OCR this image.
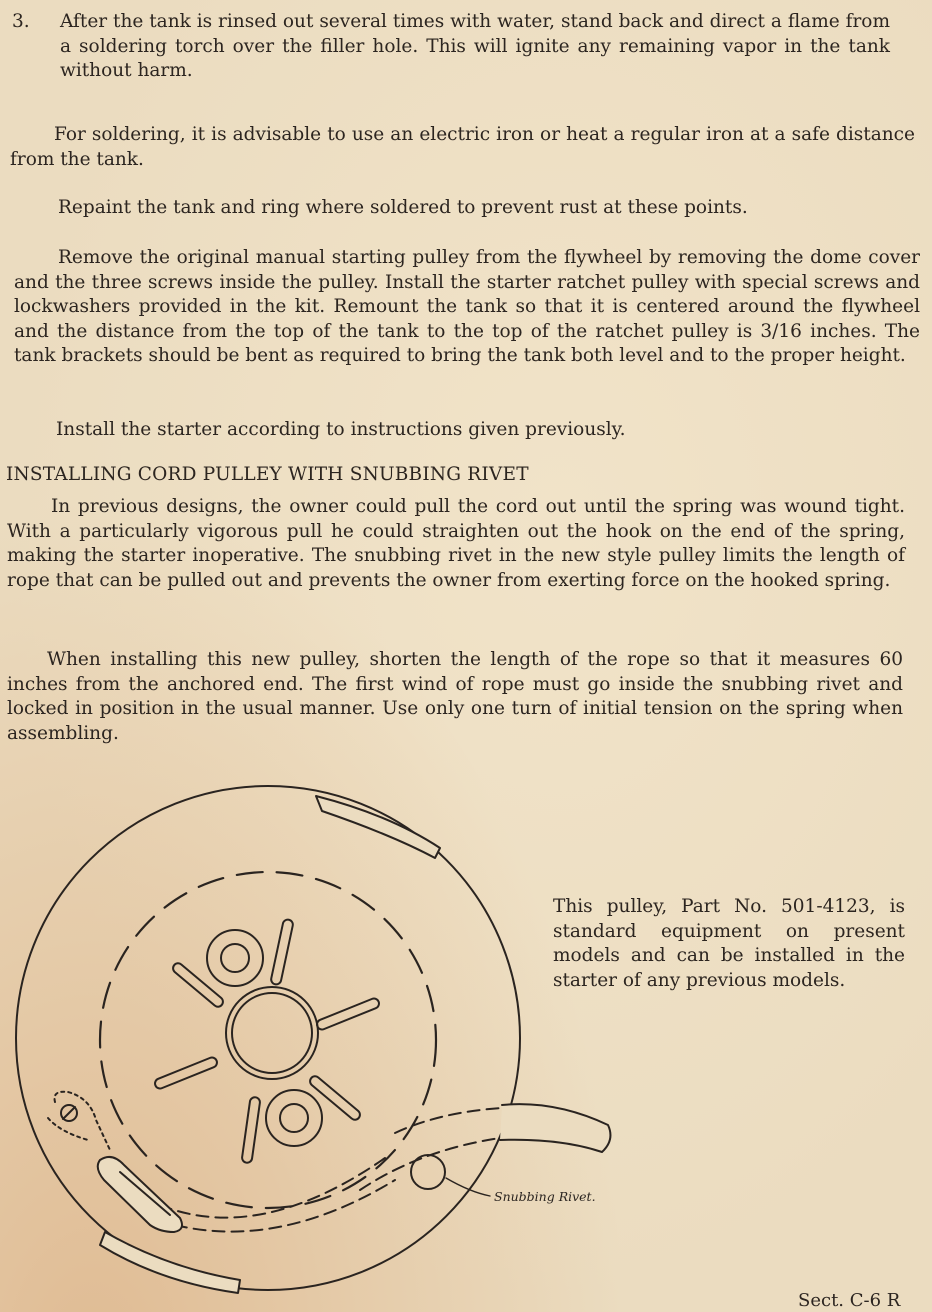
3. After the tank is rinsed out several times with water, stand back and direct a flame from a soldering torch over the filler hole. This will ignite any remaining vapor in the tank without harm.

For soldering, it is advisable to use an electric iron or heat a regular iron at a safe distance from the tank.

Repaint the tank and ring where soldered to prevent rust at these points.

Remove the original manual starting pulley from the flywheel by removing the dome cover and the three screws inside the pulley. Install the starter ratchet pulley with special screws and lockwashers provided in the kit. Remount the tank so that it is centered around the flywheel and the distance from the top of the tank to the top of the ratchet pulley is 3/16 inches. The tank brackets should be bent as required to bring the tank both level and to the proper height.

Install the starter according to instructions given previously.

INSTALLING CORD PULLEY WITH SNUBBING RIVET

In previous designs, the owner could pull the cord out until the spring was wound tight. With a particularly vigorous pull he could straighten out the hook on the end of the spring, making the starter inoperative. The snubbing rivet in the new style pulley limits the length of rope that can be pulled out and prevents the owner from exerting force on the hooked spring.

When installing this new pulley, shorten the length of the rope so that it measures 60 inches from the anchored end. The first wind of rope must go inside the snubbing rivet and locked in position in the usual manner. Use only one turn of initial tension on the spring when assembling.

Snubbing Rivet.

This pulley, Part No. 501-4123, is standard equipment on present models and can be installed in the starter of any previous models.

Sect. C-6 R
